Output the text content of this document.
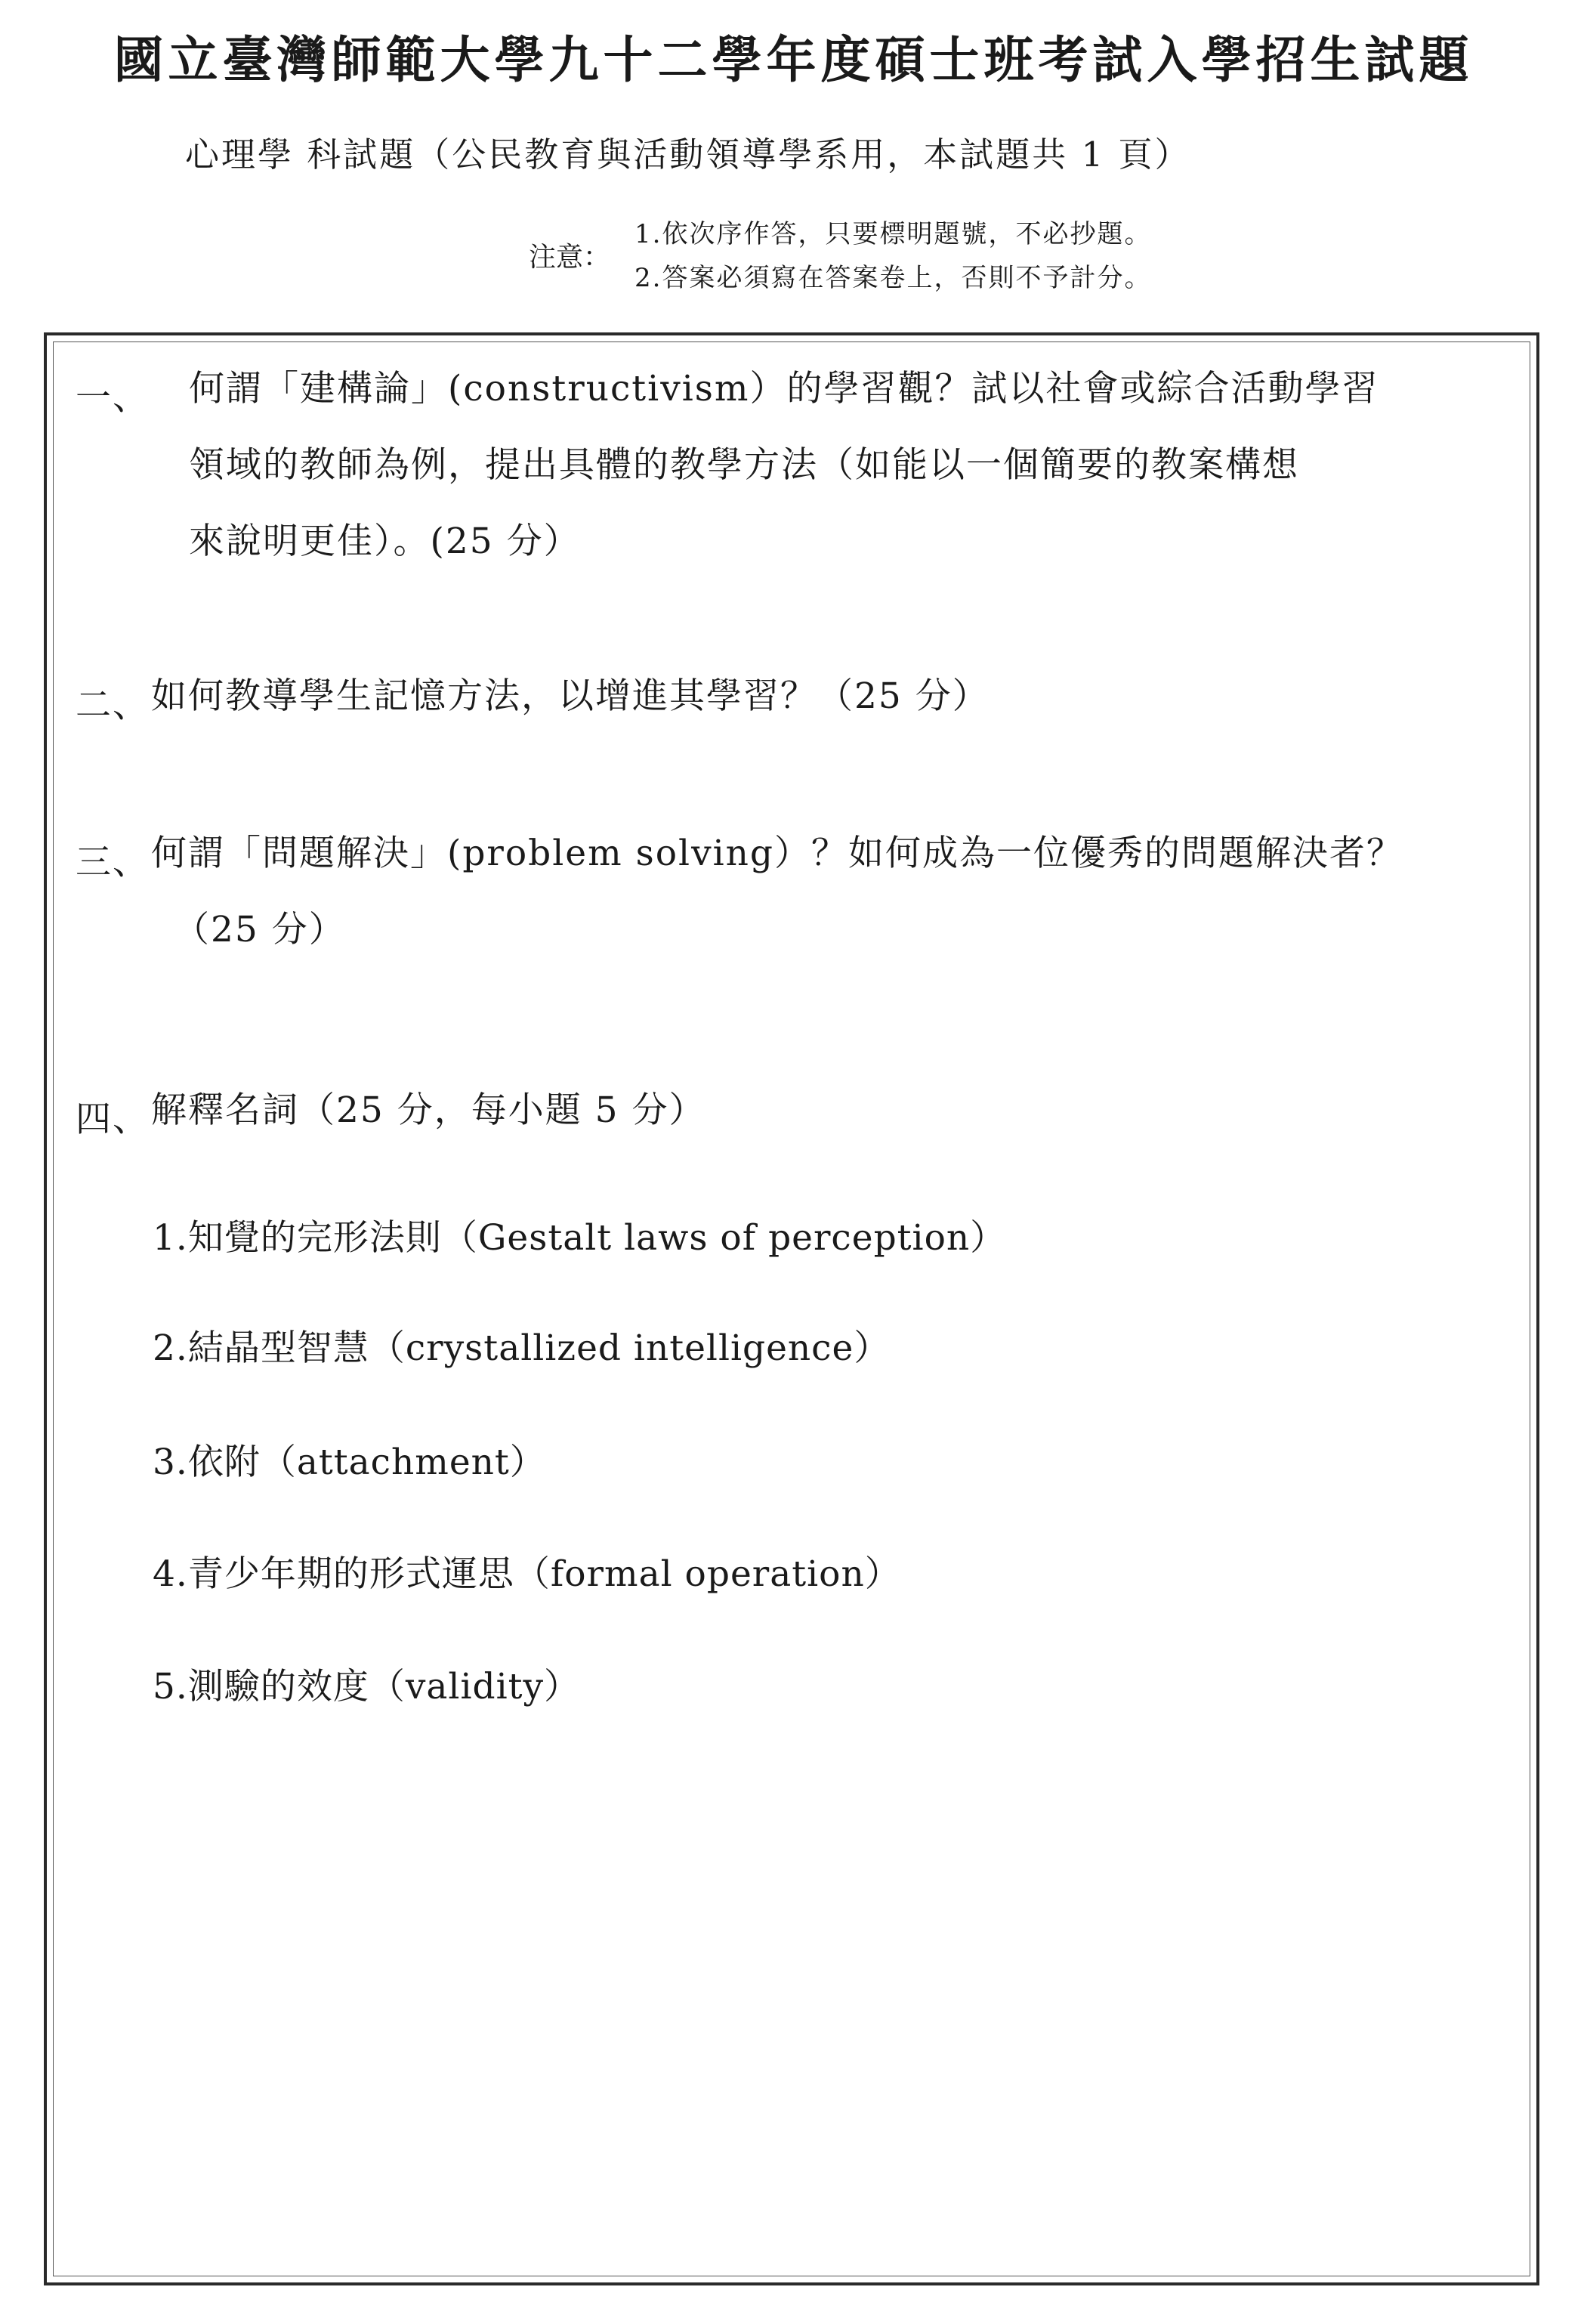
國立臺灣師範大學九十二學年度碩士班考試入學招生試題
心理學 科試題（公民教育與活動領導學系用，本試題共 1 頁）
注意：
1.依次序作答，只要標明題號，不必抄題。
2.答案必須寫在答案卷上，否則不予計分。
一、 何謂「建構論」(constructivism）的學習觀？試以社會或綜合活動學習
領域的教師為例，提出具體的教學方法（如能以一個簡要的教案構想
來說明更佳）。(25 分）
二、 如何教導學生記憶方法，以增進其學習？（25 分）
三、 何謂「問題解決」(problem solving）？如何成為一位優秀的問題解決者？
（25 分）
四、 解釋名詞（25 分，每小題 5 分）
1.知覺的完形法則（Gestalt laws of perception）
2.結晶型智慧（crystallized intelligence）
3.依附（attachment）
4.青少年期的形式運思（formal operation）
5.測驗的效度（validity）
